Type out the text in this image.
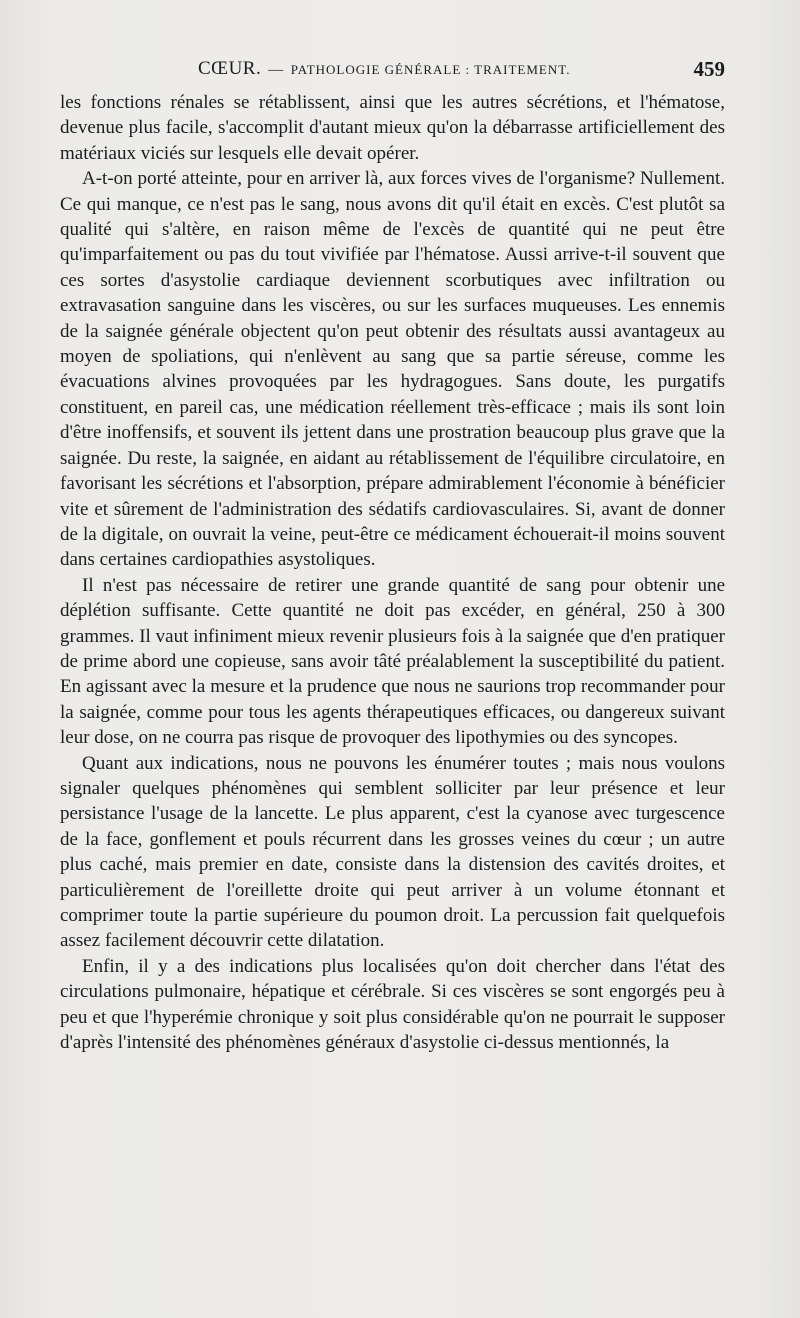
CŒUR. — PATHOLOGIE GÉNÉRALE : TRAITEMENT.	459

les fonctions rénales se rétablissent, ainsi que les autres sécrétions, et l'hématose, devenue plus facile, s'accomplit d'autant mieux qu'on la débarrasse artificiellement des matériaux viciés sur lesquels elle devait opérer.

A-t-on porté atteinte, pour en arriver là, aux forces vives de l'organisme? Nullement. Ce qui manque, ce n'est pas le sang, nous avons dit qu'il était en excès. C'est plutôt sa qualité qui s'altère, en raison même de l'excès de quantité qui ne peut être qu'imparfaitement ou pas du tout vivifiée par l'hématose. Aussi arrive-t-il souvent que ces sortes d'asystolie cardiaque deviennent scorbutiques avec infiltration ou extravasation sanguine dans les viscères, ou sur les surfaces muqueuses. Les ennemis de la saignée générale objectent qu'on peut obtenir des résultats aussi avantageux au moyen de spoliations, qui n'enlèvent au sang que sa partie séreuse, comme les évacuations alvines provoquées par les hydragogues. Sans doute, les purgatifs constituent, en pareil cas, une médication réellement très-efficace ; mais ils sont loin d'être inoffensifs, et souvent ils jettent dans une prostration beaucoup plus grave que la saignée. Du reste, la saignée, en aidant au rétablissement de l'équilibre circulatoire, en favorisant les sécrétions et l'absorption, prépare admirablement l'économie à bénéficier vite et sûrement de l'administration des sédatifs cardiovasculaires. Si, avant de donner de la digitale, on ouvrait la veine, peut-être ce médicament échouerait-il moins souvent dans certaines cardiopathies asystoliques.

Il n'est pas nécessaire de retirer une grande quantité de sang pour obtenir une déplétion suffisante. Cette quantité ne doit pas excéder, en général, 250 à 300 grammes. Il vaut infiniment mieux revenir plusieurs fois à la saignée que d'en pratiquer de prime abord une copieuse, sans avoir tâté préalablement la susceptibilité du patient. En agissant avec la mesure et la prudence que nous ne saurions trop recommander pour la saignée, comme pour tous les agents thérapeutiques efficaces, ou dangereux suivant leur dose, on ne courra pas risque de provoquer des lipothymies ou des syncopes.

Quant aux indications, nous ne pouvons les énumérer toutes ; mais nous voulons signaler quelques phénomènes qui semblent solliciter par leur présence et leur persistance l'usage de la lancette. Le plus apparent, c'est la cyanose avec turgescence de la face, gonflement et pouls récurrent dans les grosses veines du cœur ; un autre plus caché, mais premier en date, consiste dans la distension des cavités droites, et particulièrement de l'oreillette droite qui peut arriver à un volume étonnant et comprimer toute la partie supérieure du poumon droit. La percussion fait quelquefois assez facilement découvrir cette dilatation.

Enfin, il y a des indications plus localisées qu'on doit chercher dans l'état des circulations pulmonaire, hépatique et cérébrale. Si ces viscères se sont engorgés peu à peu et que l'hyperémie chronique y soit plus considérable qu'on ne pourrait le supposer d'après l'intensité des phénomènes généraux d'asystolie ci-dessus mentionnés, la
